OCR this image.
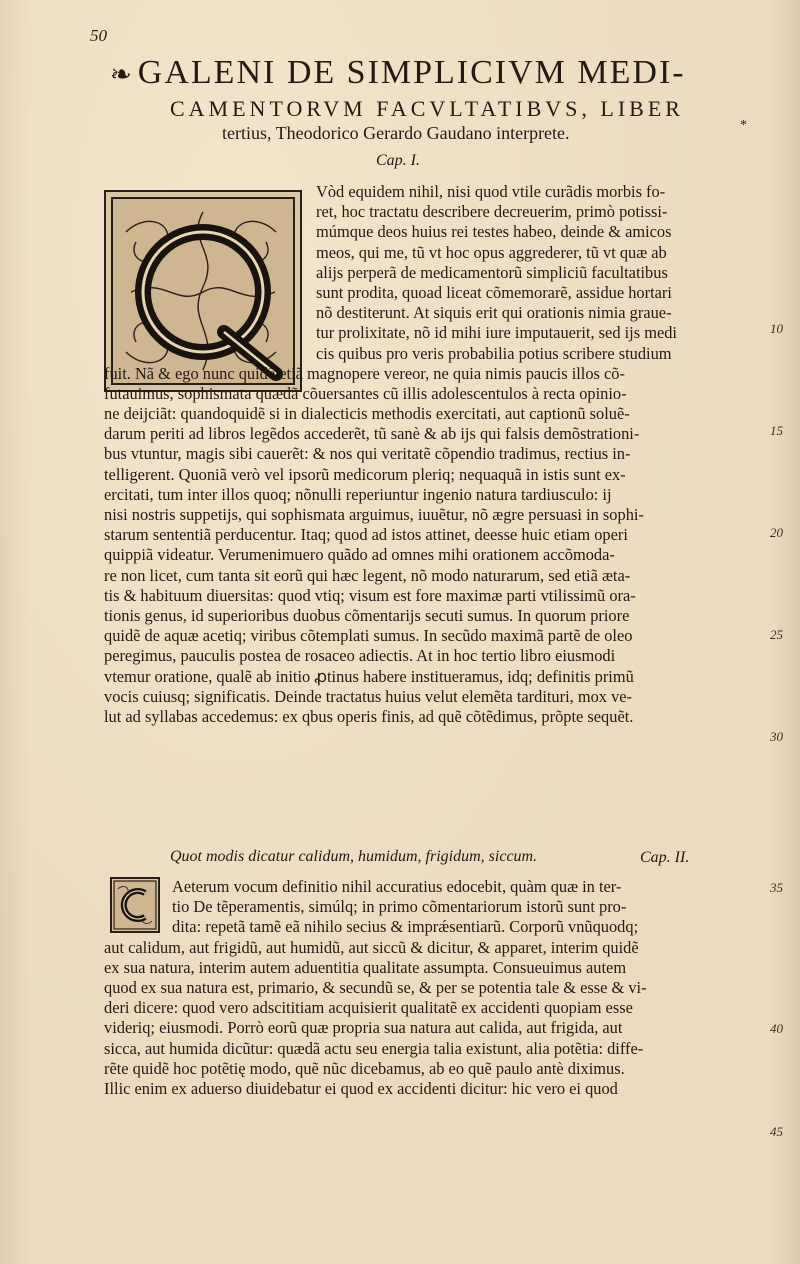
50
❧ GALENI DE SIMPLICIVM MEDI-
CAMENTORVM FACVLTATIBVS, LIBER
tertius, Theodorico Gerardo Gaudano interprete.	*
Cap. I.
Vòd equidem nihil, nisi quod vtile curãdis morbis fo-
ret, hoc tractatu describere decreuerim, primò potissi-
múmque deos huius rei testes habeo, deinde & amicos
meos, qui me, tũ vt hoc opus aggrederer, tũ vt quæ ab
alijs perperã de medicamentorũ simpliciũ facultatibus
sunt prodita, quoad liceat cõmemorarẽ, assidue hortari
nõ destiterunt. At siquis erit qui orationis nimia graue-
tur prolixitate, nõ id mihi iure imputauerit, sed ijs medi
cis quibus pro veris probabilia potius scribere studium
fuit. Nã & ego nunc quidẽ etiã magnopere vereor, ne quia nimis paucis illos cõ-
futauimus, sophismata quædã cõuersantes cũ illis adolescentulos à recta opinio-
ne deijciãt: quandoquidẽ si in dialecticis methodis exercitati, aut captionũ soluẽ-
darum periti ad libros legẽdos accederẽt, tũ sanè & ab ijs qui falsis demõstrationi-
bus vtuntur, magis sibi cauerẽt: & nos qui veritatẽ cõpendio tradimus, rectius in-
telligerent. Quoniã verò vel ipsorũ medicorum pleriq; nequaquã in istis sunt ex-
ercitati, tum inter illos quoq; nõnulli reperiuntur ingenio natura tardiusculo: ij
nisi nostris suppetijs, qui sophismata arguimus, iuuẽtur, nõ ægre persuasi in sophi-
starum sententiã perducentur. Itaq; quod ad istos attinet, deesse huic etiam operi
quippiã videatur. Verumenimuero quãdo ad omnes mihi orationem accõmoda-
re non licet, cum tanta sit eorũ qui hæc legent, nõ modo naturarum, sed etiã æta-
tis & habituum diuersitas: quod vtiq; visum est fore maximæ parti vtilissimũ ora-
tionis genus, id superioribus duobus cõmentarijs secuti sumus. In quorum priore
quidẽ de aquæ acetiq; viribus cõtemplati sumus. In secũdo maximã partẽ de oleo
peregimus, pauculis postea de rosaceo adiectis. At in hoc tertio libro eiusmodi
vtemur oratione, qualẽ ab initio ꝓtinus habere institueramus, idq; definitis primũ
vocis cuiusq; significatis. Deinde tractatus huius velut elemẽta tardituri, mox ve-
lut ad syllabas accedemus: ex qbus operis finis, ad quẽ cõtẽdimus, prõpte sequẽt.
Quot modis dicatur calidum, humidum, frigidum, siccum.	Cap. II.
Aeterum vocum definitio nihil accuratius edocebit, quàm quæ in ter-
tio De tẽperamentis, simúlq; in primo cõmentariorum istorũ sunt pro-
dita: repetã tamẽ eã nihilo secius & imprǽsentiarũ. Corporũ vnũquodq;
aut calidum, aut frigidũ, aut humidũ, aut siccũ & dicitur, & apparet, interim quidẽ
ex sua natura, interim autem aduentitia qualitate assumpta. Consueuimus autem
quod ex sua natura est, primario, & secundũ se, & per se potentia tale & esse & vi-
deri dicere: quod vero adscititiam acquisierit qualitatẽ ex accidenti quopiam esse
videriq; eiusmodi. Porrò eorũ quæ propria sua natura aut calida, aut frigida, aut
sicca, aut humida dicũtur: quædã actu seu energia talia existunt, alia potẽtia: diffe-
rẽte quidẽ hoc potẽtię modo, quẽ nũc dicebamus, ab eo quẽ paulo antè diximus.
Illic enim ex aduerso diuidebatur ei quod ex accidenti dicitur: hic vero ei quod
10
15
20
25
30
35
40
45
